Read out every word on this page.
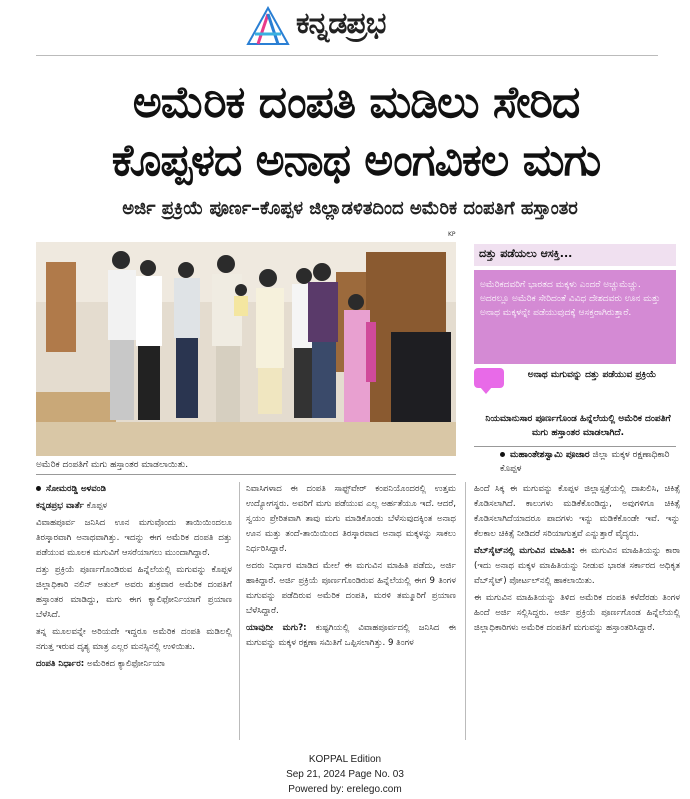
ಕನ್ನಡಪ್ರಭ
ಅಮೆರಿಕ ದಂಪತಿ ಮಡಿಲು ಸೇರಿದ
ಕೊಪ್ಪಳದ ಅನಾಥ ಅಂಗವಿಕಲ ಮಗು
ಅರ್ಜಿ ಪ್ರಕ್ರಿಯೆ ಪೂರ್ಣ–ಕೊಪ್ಪಳ ಜಿಲ್ಲಾಡಳಿತದಿಂದ ಅಮೆರಿಕ ದಂಪತಿಗೆ ಹಸ್ತಾಂತರ
KP
ಅಮೆರಿಕ ದಂಪತಿಗೆ ಮಗು ಹಸ್ತಾಂತರ ಮಾಡಲಾಯಿತು.
ದತ್ತು ಪಡೆಯಲು ಆಸಕ್ತಿ...
ಅಮೆರಿಕದವರಿಗೆ ಭಾರತದ ಮಕ್ಕಳು ಎಂದರೆ ಅಚ್ಚುಮೆಚ್ಚು. ಅದರಲ್ಲೂ ಅಮೆರಿಕ ಸೇರಿದಂತೆ ವಿವಿಧ ದೇಶದವರು ಊನ ಮತ್ತು ಅನಾಥ ಮಕ್ಕಳನ್ನೇ ಪಡೆಯುವುದಕ್ಕೆ ಆಸಕ್ತರಾಗಿರುತ್ತಾರೆ.
ಅನಾಥ ಮಗುವನ್ನು ದತ್ತು ಪಡೆಯುವ ಪ್ರಕ್ರಿಯೆ
ನಿಯಮಾನುಸಾರ ಪೂರ್ಣಗೊಂಡ ಹಿನ್ನೆಲೆಯಲ್ಲಿ ಅಮೆರಿಕ ದಂಪತಿಗೆ ಮಗು ಹಸ್ತಾಂತರ ಮಾಡಲಾಗಿದೆ.
ಮಹಾಂತೇಶಸ್ವಾಮಿ ಪೂಜಾರ ಜಿಲ್ಲಾ ಮಕ್ಕಳ ರಕ್ಷಣಾಧಿಕಾರಿ ಕೊಪ್ಪಳ

ಸೋಮರಡ್ಡಿ ಅಳವಂಡಿ

ಕನ್ನಡಪ್ರಭ ವಾರ್ತೆ ಕೊಪ್ಪಳ

ವಿವಾಹಪೂರ್ವ ಜನಿಸಿದ ಊನ ಮಗುವೊಂದು ತಾಯಿಯಿಂದಲೂ ತಿರಸ್ಕಾರವಾಗಿ ಅನಾಥವಾಗಿತ್ತು. ಇದನ್ನು ಈಗ ಅಮೆರಿಕ ದಂಪತಿ ದತ್ತು ಪಡೆಯುವ ಮೂಲಕ ಮಗುವಿಗೆ ಆಸರೆಯಾಗಲು ಮುಂದಾಗಿದ್ದಾರೆ.

ದತ್ತು ಪ್ರಕ್ರಿಯೆ ಪೂರ್ಣಗೊಂಡಿರುವ ಹಿನ್ನೆಲೆಯಲ್ಲಿ ಮಗುವನ್ನು ಕೊಪ್ಪಳ ಜಿಲ್ಲಾಧಿಕಾರಿ ನಲಿನ್ ಅತುಲ್ ಅವರು ಶುಕ್ರವಾರ ಅಮೆರಿಕ ದಂಪತಿಗೆ ಹಸ್ತಾಂತರ ಮಾಡಿದ್ದು, ಮಗು ಈಗ ಕ್ಯಾಲಿಫೋರ್ನಿಯಾಗೆ ಪ್ರಯಾಣ ಬೆಳೆಸಿದೆ.

ತನ್ನ ಮೂಲವನ್ನೇ ಅರಿಯದೇ ಇದ್ದರೂ ಅಮೆರಿಕ ದಂಪತಿ ಮಡಿಲಲ್ಲಿ ನಗುತ್ತ ಇರುವ ದೃಶ್ಯ ಮಾತ್ರ ಎಲ್ಲರ ಮನಸ್ಸಿನಲ್ಲಿ ಉಳಿಯಿತು.

ದಂಪತಿ ನಿರ್ಧಾರ: ಅಮೆರಿಕದ ಕ್ಯಾಲಿಫೋರ್ನಿಯಾ

ನಿವಾಸಿಗಳಾದ ಈ ದಂಪತಿ ಸಾಫ್ಟ್‌ವೇರ್ ಕಂಪನಿಯೊಂದರಲ್ಲಿ ಉತ್ತಮ ಉದ್ಯೋಗಸ್ಥರು. ಅವರಿಗೆ ಮಗು ಪಡೆಯುವ ಎಲ್ಲ ಅರ್ಹತೆಯೂ ಇದೆ. ಆದರೆ, ಸ್ವಯಂ ಪ್ರೇರಿತವಾಗಿ ತಾವು ಮಗು ಮಾಡಿಕೊಂಡು ಬೆಳೆಸುವುದಕ್ಕಿಂತ ಅನಾಥ ಊನ ಮತ್ತು ತಂದೆ-ತಾಯಿಯಿಂದ ತಿರಸ್ಕಾರವಾದ ಅನಾಥ ಮಕ್ಕಳನ್ನು ಸಾಕಲು ನಿರ್ಧರಿಸಿದ್ದಾರೆ.

ಅದರು ನಿರ್ಧಾರ ಮಾಡಿದ ಮೇಲೆ ಈ ಮಗುವಿನ ಮಾಹಿತಿ ಪಡೆದು, ಅರ್ಜಿ ಹಾಕಿದ್ದಾರೆ. ಅರ್ಜಿ ಪ್ರಕ್ರಿಯೆ ಪೂರ್ಣಗೊಂಡಿರುವ ಹಿನ್ನೆಲೆಯಲ್ಲಿ ಈಗ 9 ತಿಂಗಳ ಮಗುವನ್ನು ಪಡೆದಿರುವ ಅಮೆರಿಕ ದಂಪತಿ, ಮರಳಿ ತಮ್ಮೂರಿಗೆ ಪ್ರಯಾಣ ಬೆಳೆಸಿದ್ದಾರೆ.

ಯಾವುದೀ ಮಗು?: ಕುಷ್ಟಗಿಯಲ್ಲಿ ವಿವಾಹಪೂರ್ವದಲ್ಲಿ ಜನಿಸಿದ ಈ ಮಗುವನ್ನು ಮಕ್ಕಳ ರಕ್ಷಣಾ ಸಮಿತಿಗೆ ಒಪ್ಪಿಸಲಾಗಿತ್ತು. 9 ತಿಂಗಳ

ಹಿಂದೆ ಸಿಕ್ಕ ಈ ಮಗುವನ್ನು ಕೊಪ್ಪಳ ಜಿಲ್ಲಾಸ್ಪತ್ರೆಯಲ್ಲಿ ದಾಖಲಿಸಿ, ಚಿಕಿತ್ಸೆ ಕೊಡಿಸಲಾಗಿದೆ. ಕಾಲುಗಳು ಮಡಿಕೆಕೊಂಡಿದ್ದು, ಅವುಗಳಿಗೂ ಚಿಕಿತ್ಸೆ ಕೊಡಿಸಲಾಗಿದೆಯಾದರೂ ಪಾದಗಳು ಇನ್ನು ಮಡಿಕೆಕೊಂಡೇ ಇವೆ. ಇನ್ನು ಕೆಲಕಾಲ ಚಿಕಿತ್ಸೆ ನೀಡಿದರೆ ಸರಿಯಾಗುತ್ತವೆ ಎನ್ನುತ್ತಾರೆ ವೈದ್ಯರು.

ವೆಬ್‌ಸೈಟ್‌ನಲ್ಲಿ ಮಗುವಿನ ಮಾಹಿತಿ: ಈ ಮಗುವಿನ ಮಾಹಿತಿಯನ್ನು ಕಾರಾ (ಇದು ಅನಾಥ ಮಕ್ಕಳ ಮಾಹಿತಿಯನ್ನು ನೀಡುವ ಭಾರತ ಸರ್ಕಾರದ ಅಧಿಕೃತ ವೆಬ್‌ಸೈಟ್) ಪೋರ್ಟಲ್‌ನಲ್ಲಿ ಹಾಕಲಾಯಿತು.

ಈ ಮಗುವಿನ ಮಾಹಿತಿಯನ್ನು ತಿಳಿದ ಅಮೆರಿಕ ದಂಪತಿ ಕಳೆದೆರಡು ತಿಂಗಳ ಹಿಂದೆ ಅರ್ಜಿ ಸಲ್ಲಿಸಿದ್ದರು. ಅರ್ಜಿ ಪ್ರಕ್ರಿಯೆ ಪೂರ್ಣಗೊಂಡ ಹಿನ್ನೆಲೆಯಲ್ಲಿ ಜಿಲ್ಲಾಧಿಕಾರಿಗಳು ಅಮೆರಿಕ ದಂಪತಿಗೆ ಮಗುವನ್ನು ಹಸ್ತಾಂತರಿಸಿದ್ದಾರೆ.

KOPPAL Edition
Sep 21, 2024 Page No. 03
Powered by: erelego.com
